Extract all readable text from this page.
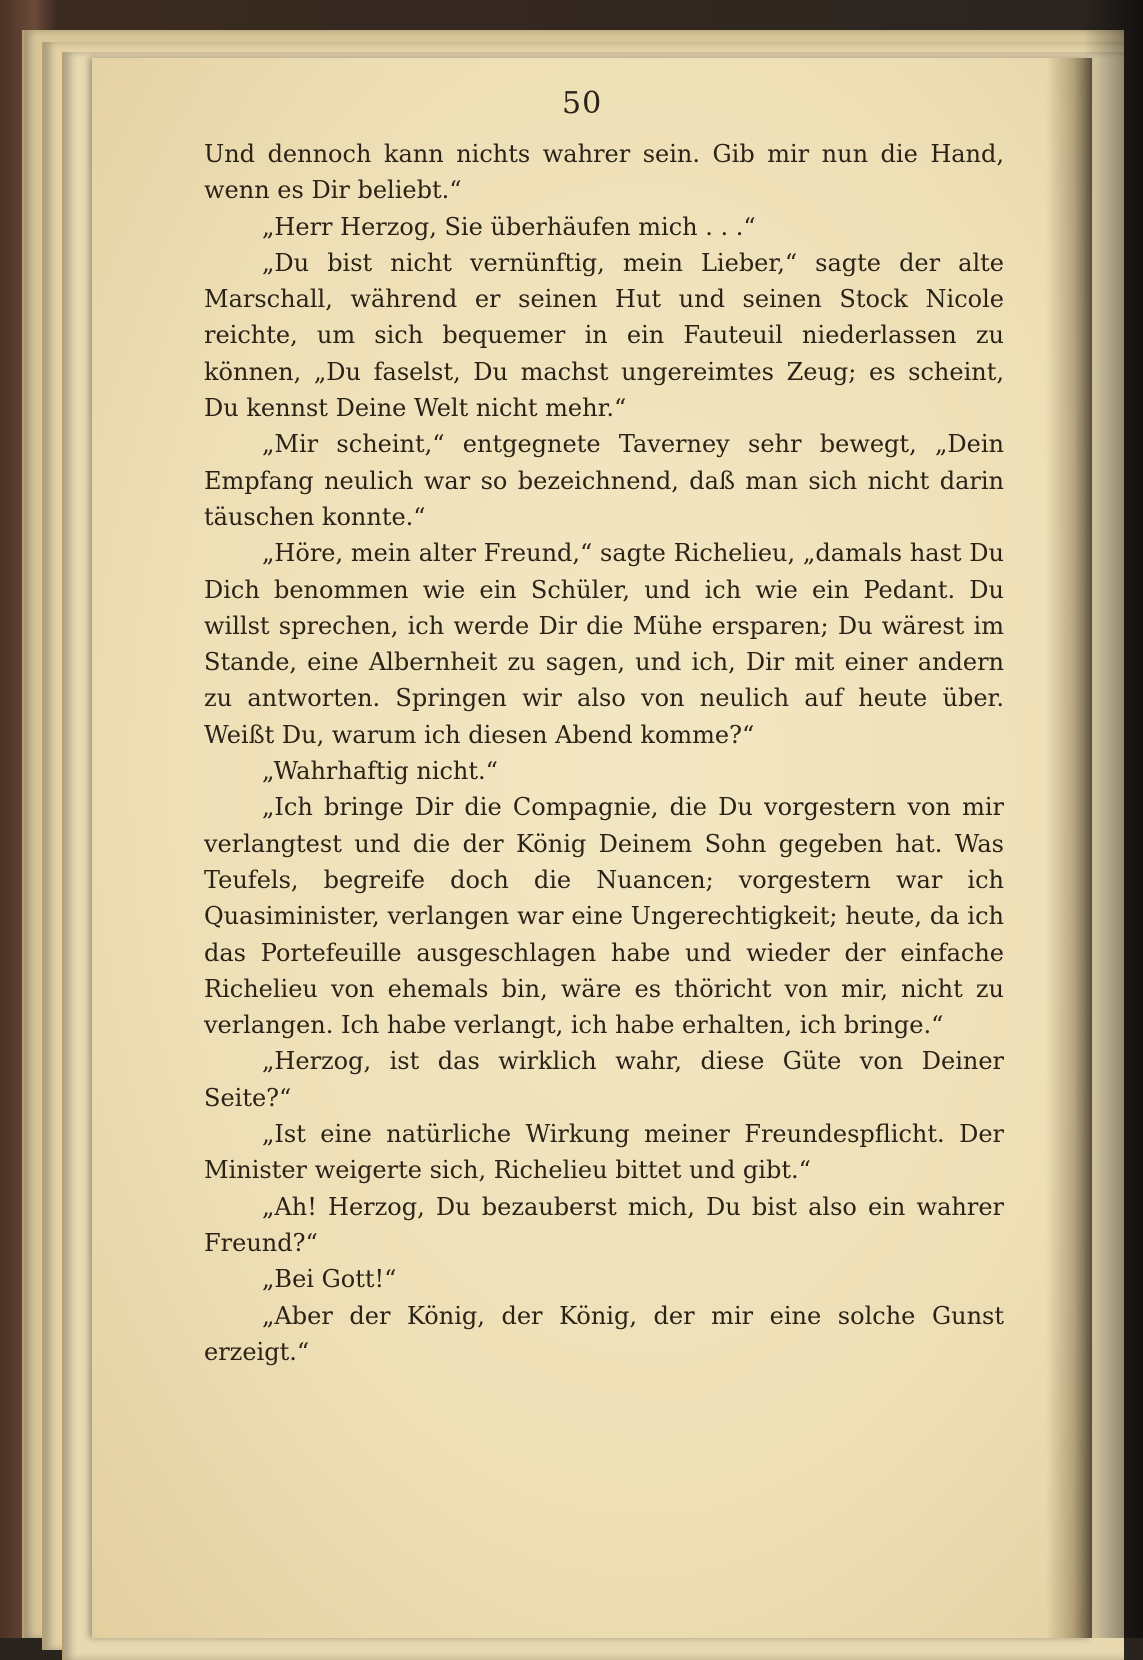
50

Und dennoch kann nichts wahrer sein. Gib mir nun die Hand, wenn es Dir beliebt.“

„Herr Herzog, Sie überhäufen mich . . .“

„Du bist nicht vernünftig, mein Lieber,“ sagte der alte Marschall, während er seinen Hut und seinen Stock Nicole reichte, um sich bequemer in ein Fauteuil niederlassen zu können, „Du faselst, Du machst ungereimtes Zeug; es scheint, Du kennst Deine Welt nicht mehr.“

„Mir scheint,“ entgegnete Taverney sehr bewegt, „Dein Empfang neulich war so bezeichnend, daß man sich nicht darin täuschen konnte.“

„Höre, mein alter Freund,“ sagte Richelieu, „damals hast Du Dich benommen wie ein Schüler, und ich wie ein Pedant. Du willst sprechen, ich werde Dir die Mühe ersparen; Du wärest im Stande, eine Albernheit zu sagen, und ich, Dir mit einer andern zu antworten. Springen wir also von neulich auf heute über. Weißt Du, warum ich diesen Abend komme?“

„Wahrhaftig nicht.“

„Ich bringe Dir die Compagnie, die Du vorgestern von mir verlangtest und die der König Deinem Sohn gegeben hat. Was Teufels, begreife doch die Nuancen; vorgestern war ich Quasiminister, verlangen war eine Ungerechtigkeit; heute, da ich das Portefeuille ausgeschlagen habe und wieder der einfache Richelieu von ehemals bin, wäre es thöricht von mir, nicht zu verlangen. Ich habe verlangt, ich habe erhalten, ich bringe.“

„Herzog, ist das wirklich wahr, diese Güte von Deiner Seite?“

„Ist eine natürliche Wirkung meiner Freundespflicht. Der Minister weigerte sich, Richelieu bittet und gibt.“

„Ah! Herzog, Du bezauberst mich, Du bist also ein wahrer Freund?“

„Bei Gott!“

„Aber der König, der König, der mir eine solche Gunst erzeigt.“
